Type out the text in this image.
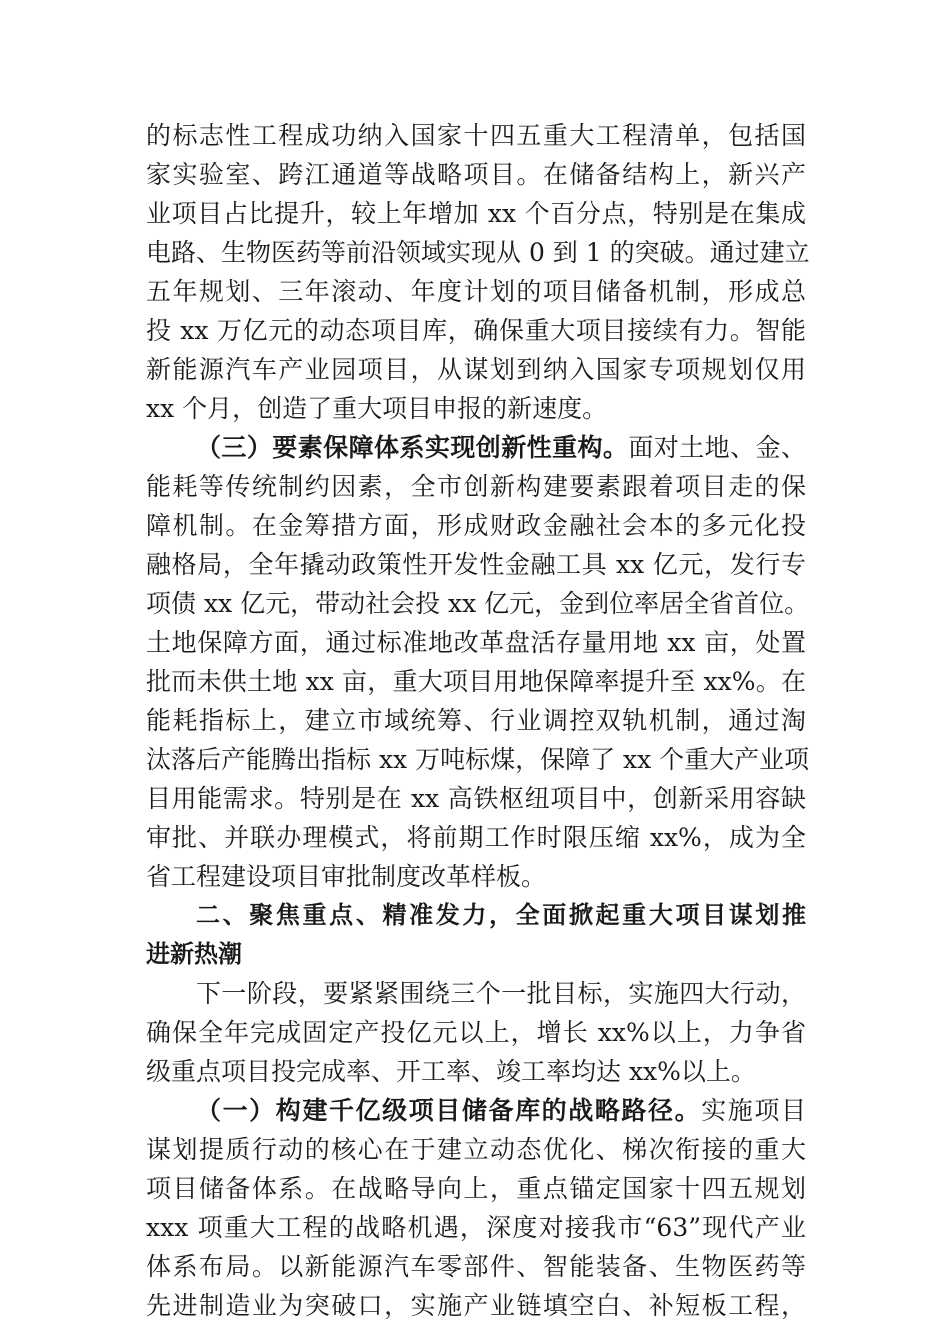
的标志性工程成功纳入国家十四五重大工程清单，包括国
家实验室、跨江通道等战略项目。在储备结构上，新兴产
业项目占比提升，较上年增加 xx 个百分点，特别是在集成
电路、生物医药等前沿领域实现从 0 到 1 的突破。通过建立
五年规划、三年滚动、年度计划的项目储备机制，形成总
投 xx 万亿元的动态项目库，确保重大项目接续有力。智能
新能源汽车产业园项目，从谋划到纳入国家专项规划仅用
xx 个月，创造了重大项目申报的新速度。
（三）要素保障体系实现创新性重构。面对土地、金、
能耗等传统制约因素，全市创新构建要素跟着项目走的保
障机制。在金筹措方面，形成财政金融社会本的多元化投
融格局，全年撬动政策性开发性金融工具 xx 亿元，发行专
项债 xx 亿元，带动社会投 xx 亿元，金到位率居全省首位。
土地保障方面，通过标准地改革盘活存量用地 xx 亩，处置
批而未供土地 xx 亩，重大项目用地保障率提升至 xx%。在
能耗指标上，建立市域统筹、行业调控双轨机制，通过淘
汰落后产能腾出指标 xx 万吨标煤，保障了 xx 个重大产业项
目用能需求。特别是在 xx 高铁枢纽项目中，创新采用容缺
审批、并联办理模式，将前期工作时限压缩 xx%，成为全
省工程建设项目审批制度改革样板。
二、聚焦重点、精准发力，全面掀起重大项目谋划推
进新热潮
下一阶段，要紧紧围绕三个一批目标，实施四大行动，
确保全年完成固定产投亿元以上，增长 xx%以上，力争省
级重点项目投完成率、开工率、竣工率均达 xx%以上。
（一）构建千亿级项目储备库的战略路径。实施项目
谋划提质行动的核心在于建立动态优化、梯次衔接的重大
项目储备体系。在战略导向上，重点锚定国家十四五规划
xxx 项重大工程的战略机遇，深度对接我市“63”现代产业
体系布局。以新能源汽车零部件、智能装备、生物医药等
先进制造业为突破口，实施产业链填空白、补短板工程，
